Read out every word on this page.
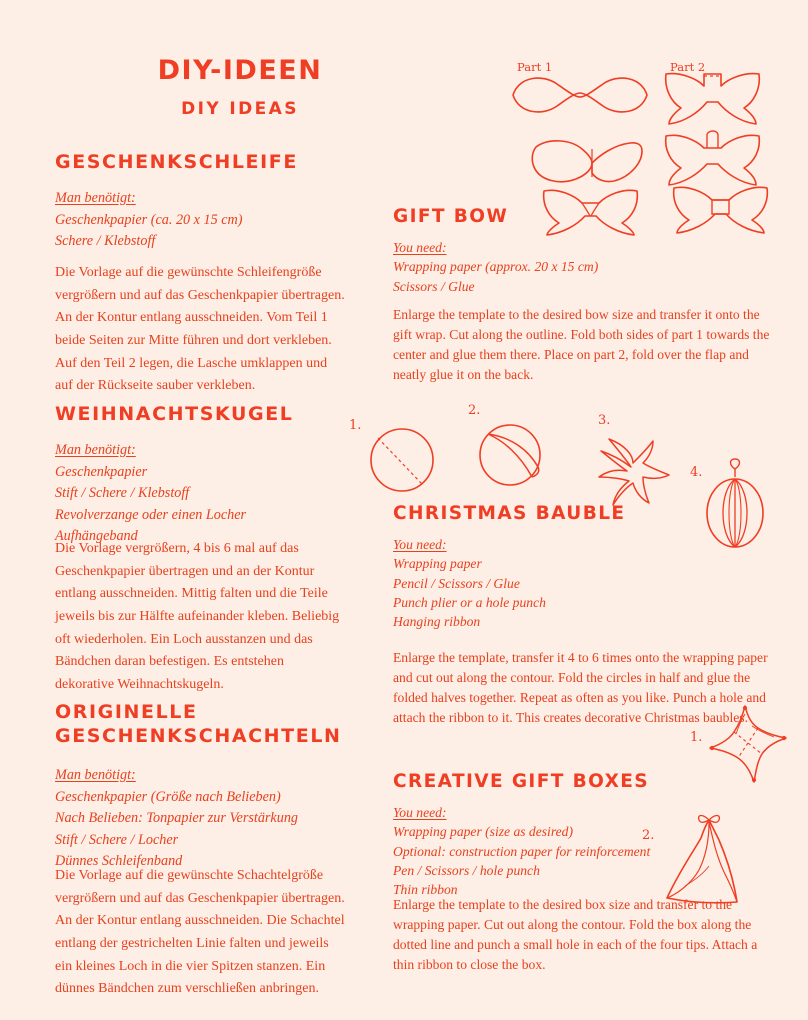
DIY-IDEEN
DIY IDEAS
GESCHENKSCHLEIFE
Man benötigt:
Geschenkpapier (ca. 20 x 15 cm)
Schere / Klebstoff
Die Vorlage auf die gewünschte Schleifengröße vergrößern und auf das Geschenkpapier übertragen. An der Kontur entlang ausschneiden. Vom Teil 1 beide Seiten zur Mitte führen und dort verkleben. Auf den Teil 2 legen, die Lasche umklappen und auf der Rückseite sauber verkleben.
GIFT BOW
You need:
Wrapping paper (approx. 20 x 15 cm)
Scissors / Glue
Enlarge the template to the desired bow size and transfer it onto the gift wrap. Cut along the outline. Fold both sides of part 1 towards the center and glue them there. Place on part 2, fold over the flap and neatly glue it on the back.
Part 1	Part 2
WEIHNACHTSKUGEL
Man benötigt:
Geschenkpapier
Stift / Schere / Klebstoff
Revolverzange oder einen Locher
Aufhängeband
Die Vorlage vergrößern, 4 bis 6 mal auf das Geschenkpapier übertragen und an der Kontur entlang ausschneiden. Mittig falten und die Teile jeweils bis zur Hälfte aufeinander kleben. Beliebig oft wiederholen. Ein Loch ausstanzen und das Bändchen daran befestigen. Es entstehen dekorative Weihnachtskugeln.
CHRISTMAS BAUBLE
You need:
Wrapping paper
Pencil / Scissors / Glue
Punch plier or a hole punch
Hanging ribbon
Enlarge the template, transfer it 4 to 6 times onto the wrapping paper and cut out along the contour. Fold the circles in half and glue the folded halves together. Repeat as often as you like. Punch a hole and attach the ribbon to it. This creates decorative Christmas baubles.
1.
2.
3.
4.
ORIGINELLE
GESCHENKSCHACHTELN
Man benötigt:
Geschenkpapier (Größe nach Belieben)
Nach Belieben: Tonpapier zur Verstärkung
Stift / Schere / Locher
Dünnes Schleifenband
Die Vorlage auf die gewünschte Schachtelgröße vergrößern und auf das Geschenkpapier übertragen. An der Kontur entlang ausschneiden. Die Schachtel entlang der gestrichelten Linie falten und jeweils ein kleines Loch in die vier Spitzen stanzen. Ein dünnes Bändchen zum verschließen anbringen.
CREATIVE GIFT BOXES
You need:
Wrapping paper (size as desired)
Optional: construction paper for reinforcement
Pen / Scissors / hole punch
Thin ribbon
Enlarge the template to the desired box size and transfer to the wrapping paper. Cut out along the contour. Fold the box along the dotted line and punch a small hole in each of the four tips. Attach a thin ribbon to close the box.
1.
2.
